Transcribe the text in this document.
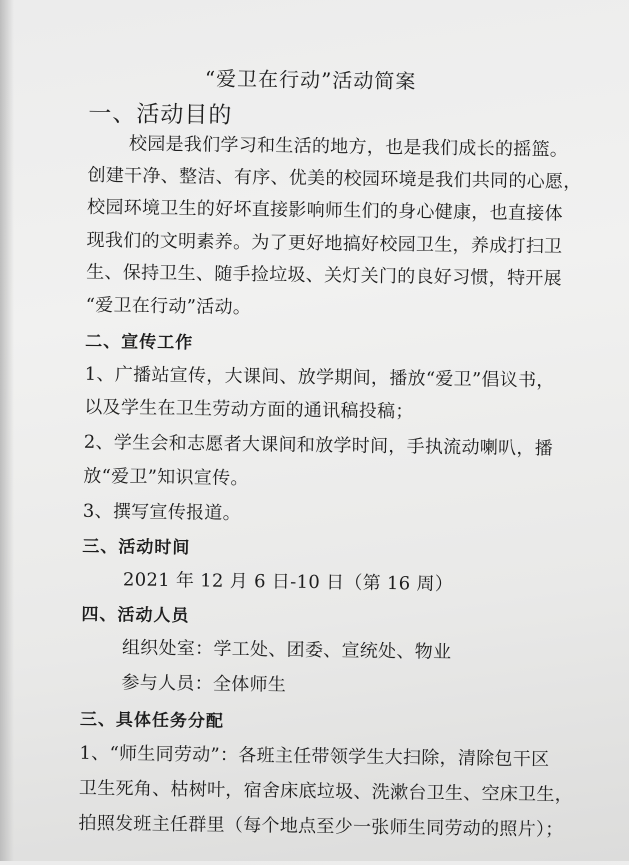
“爱卫在行动”活动简案
一、活动目的
校园是我们学习和生活的地方，也是我们成长的摇篮。
创建干净、整洁、有序、优美的校园环境是我们共同的心愿，
校园环境卫生的好坏直接影响师生们的身心健康，也直接体
现我们的文明素养。为了更好地搞好校园卫生，养成打扫卫
生、保持卫生、随手捡垃圾、关灯关门的良好习惯，特开展
“爱卫在行动”活动。
二、宣传工作
1、广播站宣传，大课间、放学期间，播放“爱卫”倡议书，
以及学生在卫生劳动方面的通讯稿投稿；
2、学生会和志愿者大课间和放学时间，手执流动喇叭，播
放“爱卫”知识宣传。
3、撰写宣传报道。
三、活动时间
2021 年 12 月 6 日-10 日（第 16 周）
四、活动人员
组织处室：学工处、团委、宣统处、物业
参与人员：全体师生
三、具体任务分配
1、“师生同劳动”：各班主任带领学生大扫除，清除包干区
卫生死角、枯树叶，宿舍床底垃圾、洗漱台卫生、空床卫生，
拍照发班主任群里（每个地点至少一张师生同劳动的照片）；
